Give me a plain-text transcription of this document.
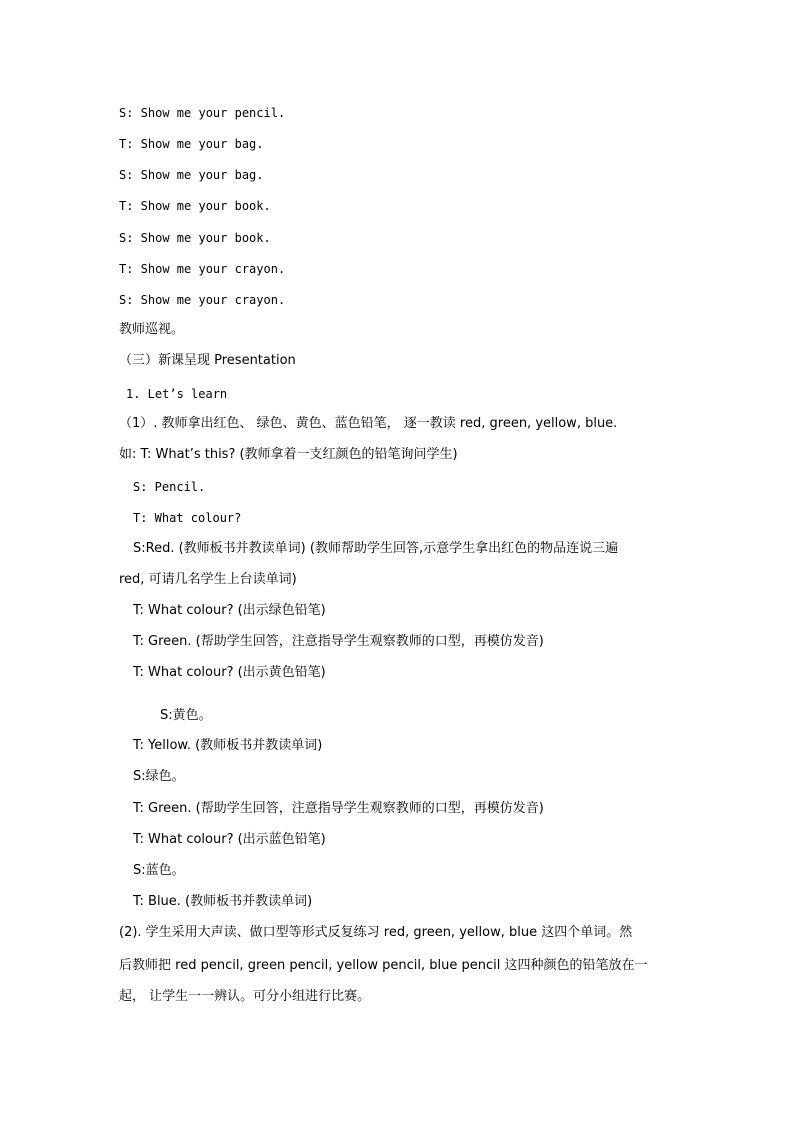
S: Show me your pencil.
T: Show me your bag.
S: Show me your bag.
T: Show me your book.
S: Show me your book.
T: Show me your crayon.
S: Show me your crayon.
教师巡视。
（三）新课呈现 Presentation
1. Let’s learn
（1）. 教师拿出红色、 绿色、黄色、蓝色铅笔， 逐一教读 red, green, yellow, blue.
如: T: What’s this? (教师拿着一支红颜色的铅笔询问学生)
S: Pencil.
T: What colour?
S:Red. (教师板书并教读单词) (教师帮助学生回答,示意学生拿出红色的物品连说三遍
red, 可请几名学生上台读单词)
T: What colour? (出示绿色铅笔)
T: Green. (帮助学生回答，注意指导学生观察教师的口型，再模仿发音)
T: What colour? (出示黄色铅笔)
S:黄色。
T: Yellow. (教师板书并教读单词)
S:绿色。
T: Green. (帮助学生回答，注意指导学生观察教师的口型，再模仿发音)
T: What colour? (出示蓝色铅笔)
S:蓝色。
T: Blue. (教师板书并教读单词)
(2). 学生采用大声读、做口型等形式反复练习 red, green, yellow, blue 这四个单词。然
后教师把 red pencil, green pencil, yellow pencil, blue pencil 这四种颜色的铅笔放在一
起， 让学生一一辨认。可分小组进行比赛。
